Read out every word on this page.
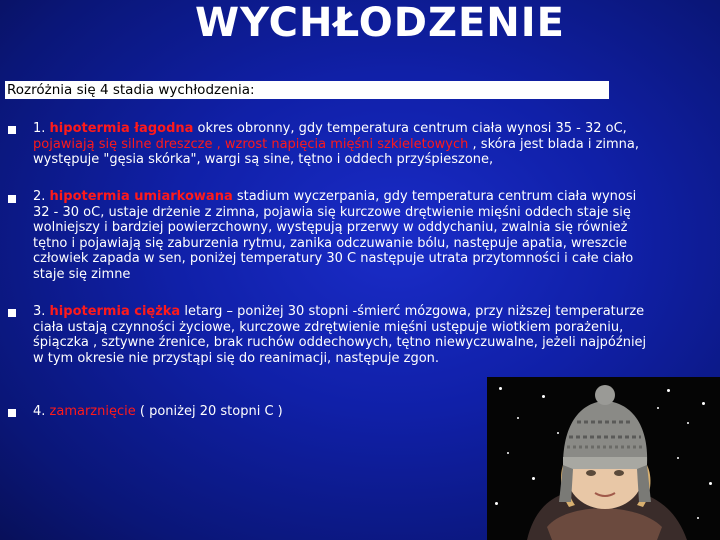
WYCHŁODZENIE
Rozróżnia się 4 stadia wychłodzenia:
1. hipotermia łagodna okres obronny, gdy temperatura centrum ciała wynosi 35 - 32 oC, pojawiają się silne dreszcze , wzrost napięcia mięśni szkieletowych , skóra jest blada i zimna, występuje "gęsia skórka", wargi są sine, tętno i oddech przyśpieszone,
2. hipotermia umiarkowana stadium wyczerpania, gdy temperatura centrum ciała wynosi 32 - 30 oC, ustaje drżenie z zimna, pojawia się kurczowe drętwienie mięśni oddech staje się wolniejszy i bardziej powierzchowny, występują przerwy w oddychaniu, zwalnia się również tętno i pojawiają się zaburzenia rytmu, zanika odczuwanie bólu, następuje apatia, wreszcie człowiek zapada w sen, poniżej temperatury 30 C następuje utrata przytomności i całe ciało staje się zimne
3. hipotermia ciężka letarg – poniżej 30 stopni -śmierć mózgowa, przy niższej temperaturze ciała ustają czynności życiowe, kurczowe zdrętwienie mięśni ustępuje wiotkiem porażeniu, śpiączka , sztywne źrenice, brak ruchów oddechowych, tętno niewyczuwalne, jeżeli najpóźniej w tym okresie nie przystąpi się do reanimacji, następuje zgon.
4. zamarznięcie ( poniżej 20 stopni C )
